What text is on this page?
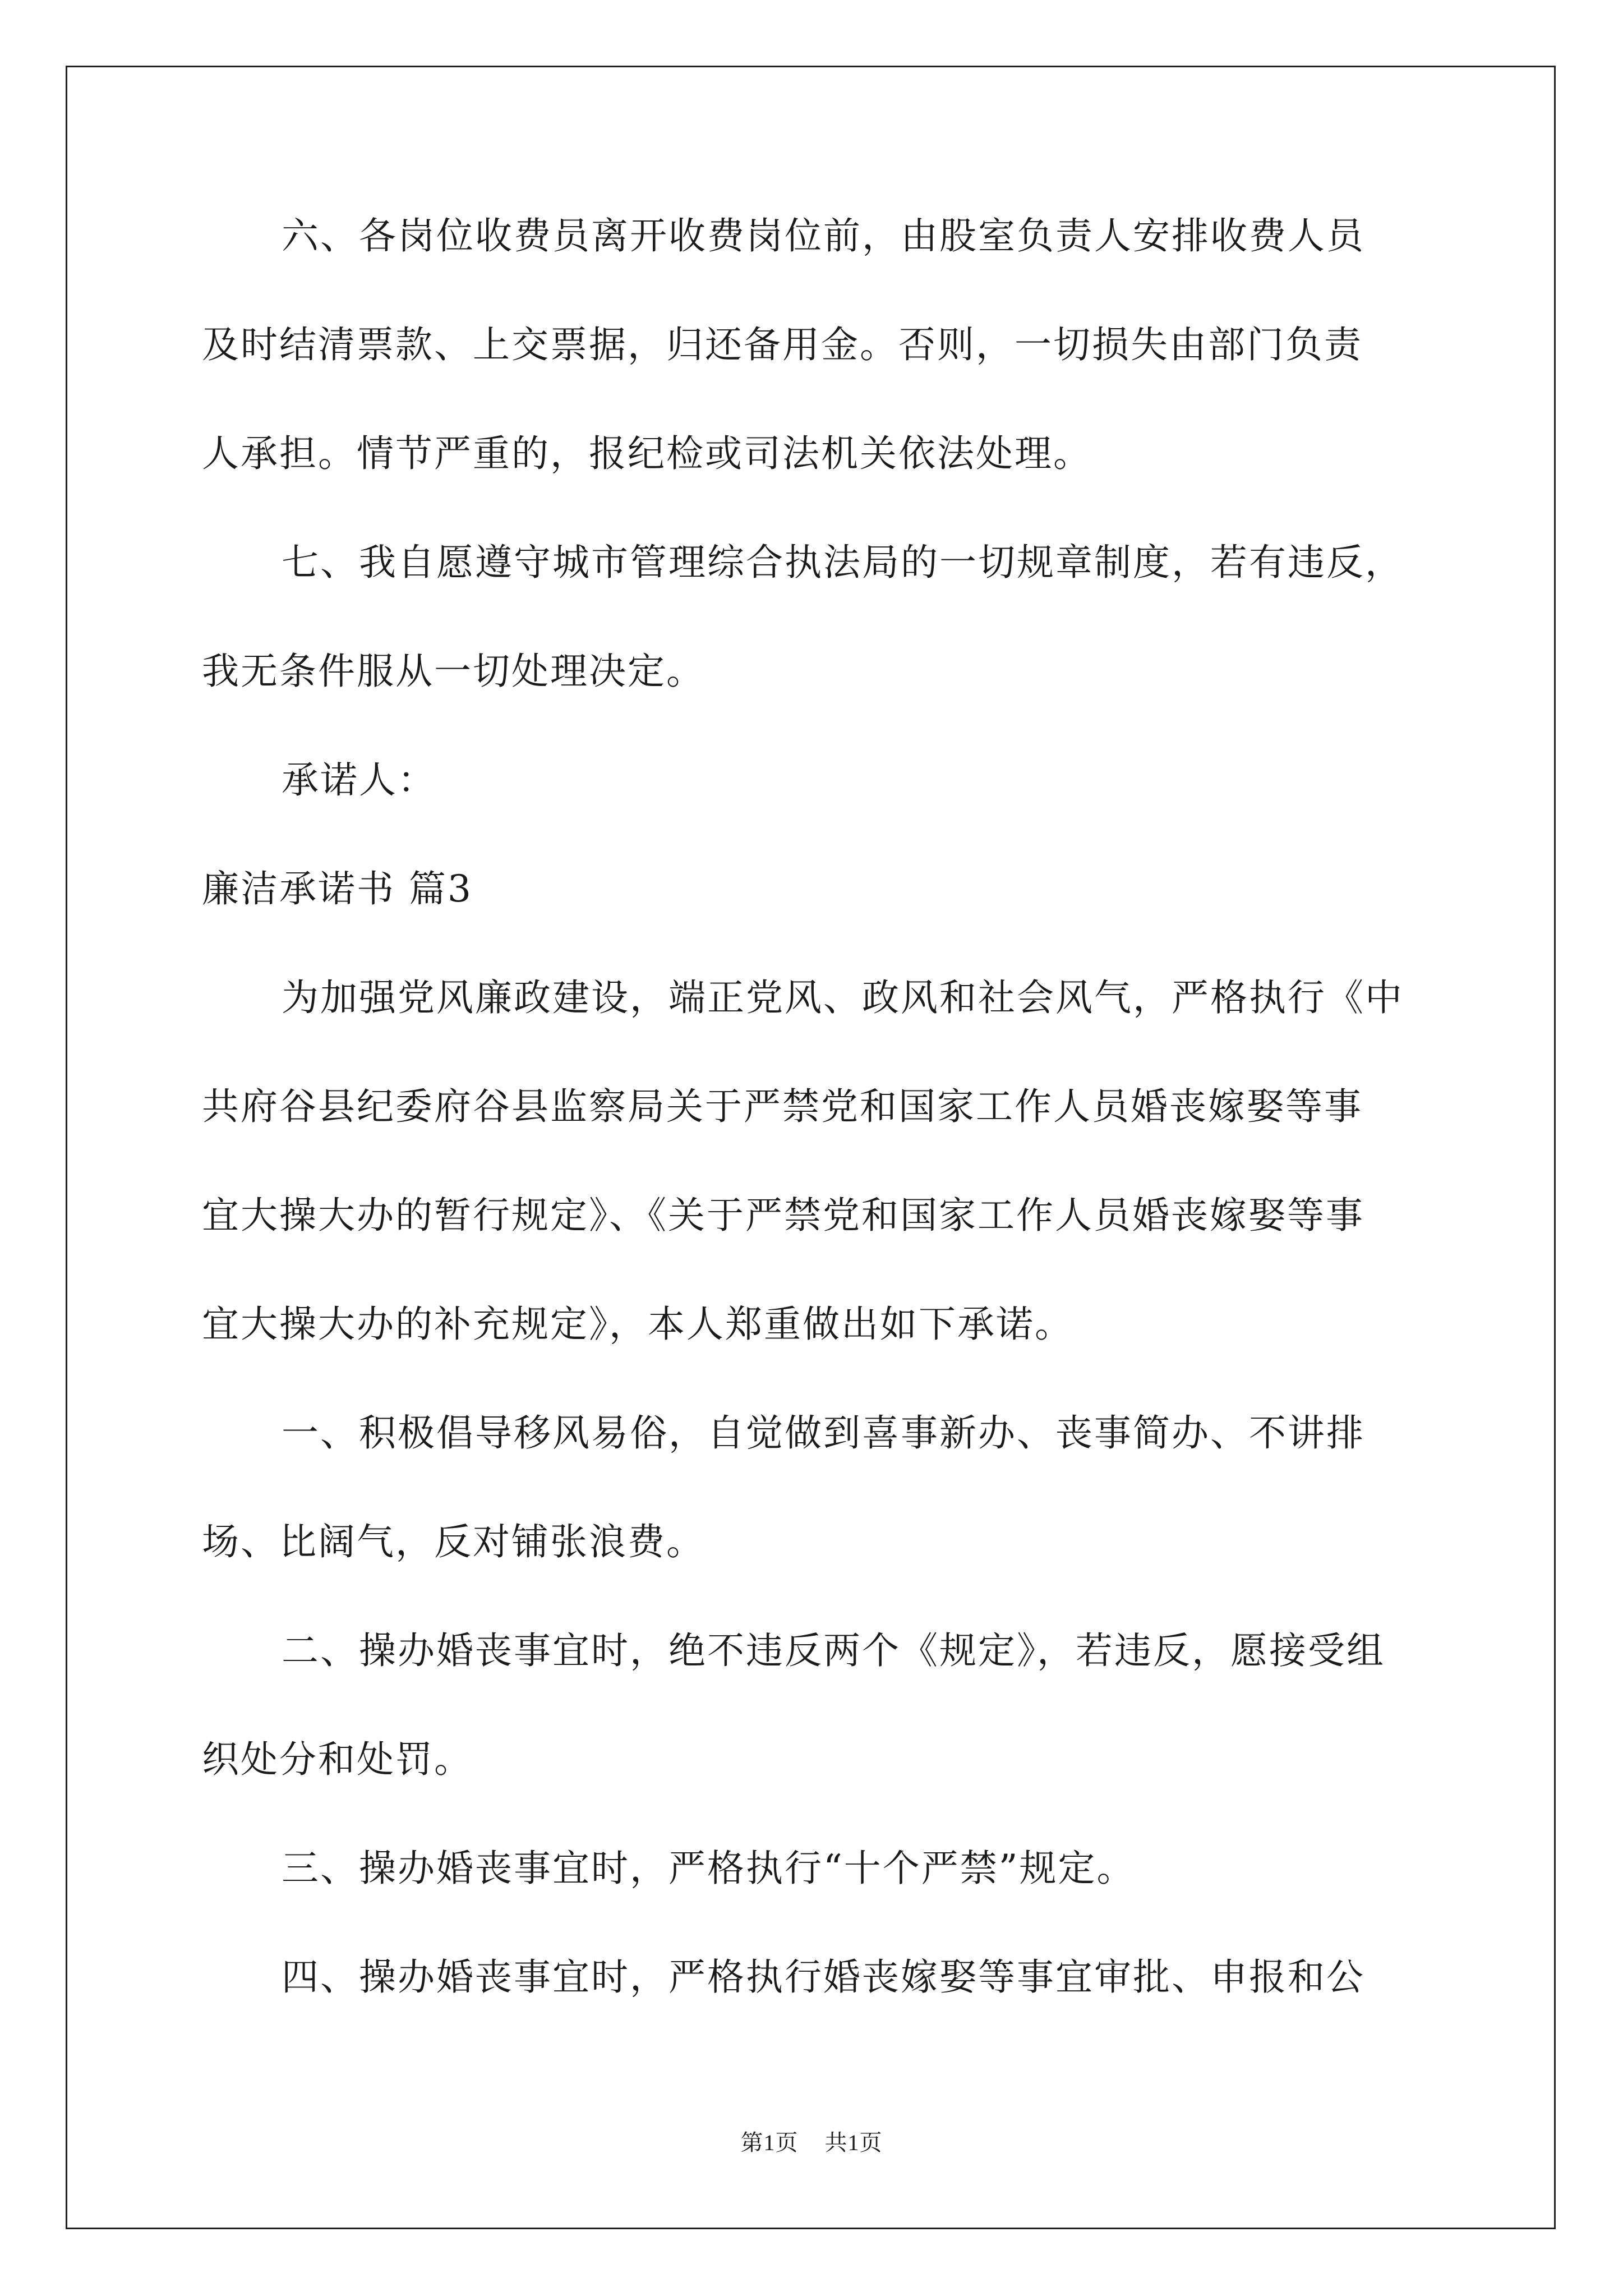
六、各岗位收费员离开收费岗位前，由股室负责人安排收费人员
及时结清票款、上交票据，归还备用金。否则，一切损失由部门负责
人承担。情节严重的，报纪检或司法机关依法处理。
七、我自愿遵守城市管理综合执法局的一切规章制度，若有违反，
我无条件服从一切处理决定。
承诺人：
廉洁承诺书 篇3
为加强党风廉政建设，端正党风、政风和社会风气，严格执行《中
共府谷县纪委府谷县监察局关于严禁党和国家工作人员婚丧嫁娶等事
宜大操大办的暂行规定》、《关于严禁党和国家工作人员婚丧嫁娶等事
宜大操大办的补充规定》，本人郑重做出如下承诺。
一、积极倡导移风易俗，自觉做到喜事新办、丧事简办、不讲排
场、比阔气，反对铺张浪费。
二、操办婚丧事宜时，绝不违反两个《规定》，若违反，愿接受组
织处分和处罚。
三、操办婚丧事宜时，严格执行“十个严禁”规定。
四、操办婚丧事宜时，严格执行婚丧嫁娶等事宜审批、申报和公
第1页 共1页
